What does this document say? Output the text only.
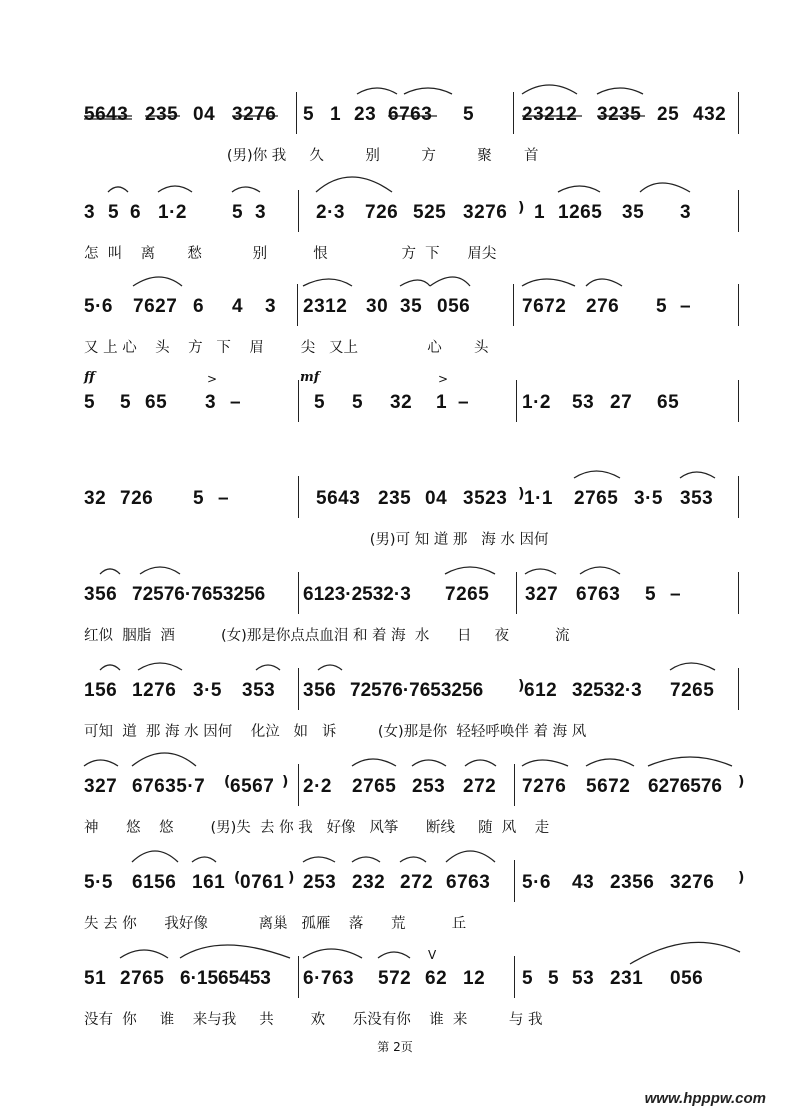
5643 235 04 3276 5 1 23 6763 5	23212 3235 25 432
(男)你 我     久         别         方         聚       首
3 5 6 1·2 5 3	2·3 726 525 3276 ) 1 1265 35 3
怎  叫    离       愁           别          恨                方  下      眉尖
5·6 7627 6 4 3 2312 30 35 056	7672 276 5 –
又 上 心    头    方   下    眉        尖   又上               心       头
ff	mf
>	>
5 5 65 3 –	5 5 32 1 –	1·2 53 27 65
32 726 5 –	5643 235 04 3523 ) 1·1 2765 3·5 353
(男)可 知 道 那   海 水 因何
356 72576·7653256 6123·2532·3 7265 327 6763 5 –
红似  胭脂  酒          (女)那是你点点血泪 和 着 海  水      日     夜          流
156 1276 3·5 353 356 72576·7653256 ) 612 32532·3 7265
可知  道  那 海 水 因何    化泣   如   诉         (女)那是你  轻轻呼唤伴 着 海 风
327 67635·7 ( 6567 ) 2·2 2765 253 272 7276 5672 6276576 )
神      悠    悠        (男)失  去 你 我   好像   风筝      断线     随  风    走
5·5 6156 161 ( 0761 ) 253 232 272 6763 5·6 43 2356 3276 )
失 去 你      我好像           离巢   孤雁    落      荒          丘
V
51 2765 6·1565453 6·763 572 62 12 5 5 53 231 056
没有  你     谁    来与我     共        欢      乐没有你    谁  来         与 我
第 2页
www.hpppw.com
